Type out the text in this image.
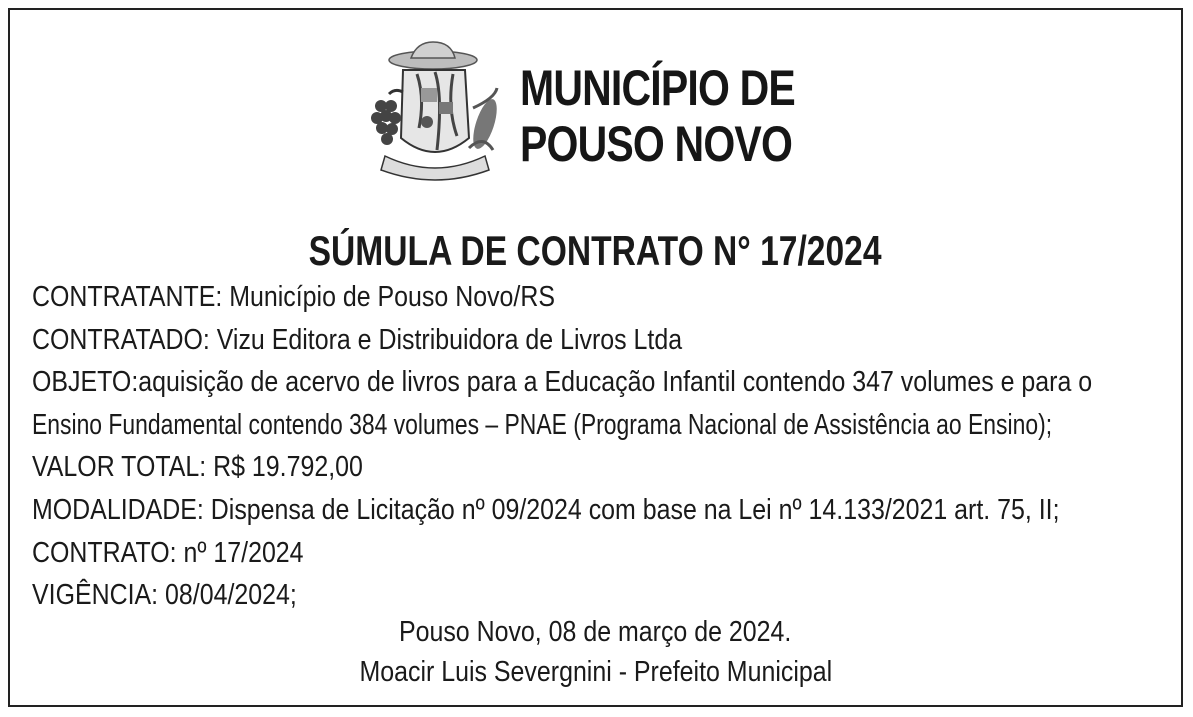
MUNICÍPIO DE
POUSO NOVO
SÚMULA DE CONTRATO N° 17/2024
CONTRATANTE: Município de Pouso Novo/RS
CONTRATADO: Vizu Editora e Distribuidora de Livros Ltda
OBJETO:aquisição de acervo de livros para a Educação Infantil contendo 347 volumes e para o
Ensino Fundamental contendo 384 volumes – PNAE (Programa Nacional de Assistência ao Ensino);
VALOR TOTAL: R$ 19.792,00
MODALIDADE: Dispensa de Licitação nº 09/2024 com base na Lei nº 14.133/2021 art. 75, II;
CONTRATO: nº 17/2024
VIGÊNCIA: 08/04/2024;
Pouso Novo, 08 de março de 2024.
Moacir Luis Severgnini - Prefeito Municipal
